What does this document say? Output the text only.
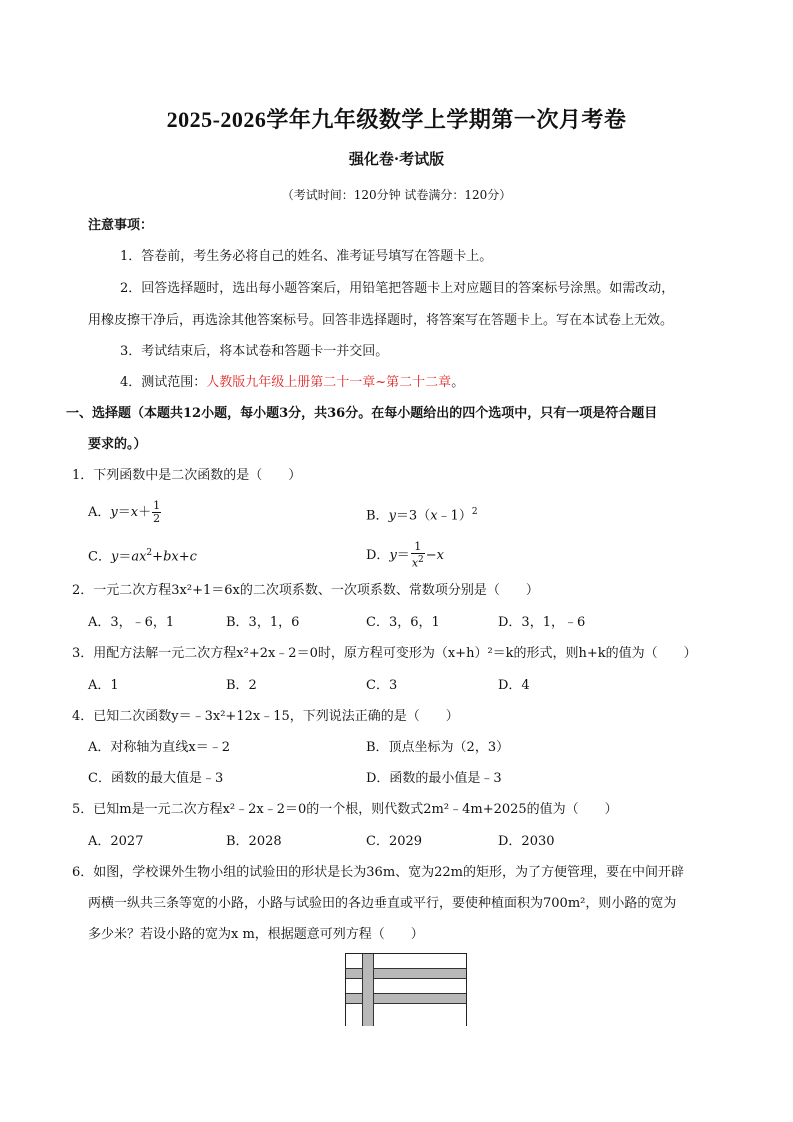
2025-2026学年九年级数学上学期第一次月考卷
强化卷·考试版
（考试时间：120分钟 试卷满分：120分）
注意事项：
1．答卷前，考生务必将自己的姓名、准考证号填写在答题卡上。
2．回答选择题时，选出每小题答案后，用铅笔把答题卡上对应题目的答案标号涂黑。如需改动，
用橡皮擦干净后，再选涂其他答案标号。回答非选择题时，将答案写在答题卡上。写在本试卷上无效。
3．考试结束后，将本试卷和答题卡一并交回。
4．测试范围：人教版九年级上册第二十一章~第二十二章。
一、选择题（本题共12小题，每小题3分，共36分。在每小题给出的四个选项中，只有一项是符合题目
要求的。）
1．下列函数中是二次函数的是（　　）
A．$y=x+ \frac{1}{2}$	B．y＝3（x﹣1）$^2$
C．$y=ax^2+bx+c$	D．$y= \frac{1}{x^2} -x$
2．一元二次方程3x²+1＝6x的二次项系数、一次项系数、常数项分别是（　　）
A．3，﹣6，1	B．3，1，6	C．3，6，1	D．3，1，﹣6
3．用配方法解一元二次方程x²+2x﹣2＝0时，原方程可变形为（x+h）²＝k的形式，则h+k的值为（　　）
A．1	B．2	C．3	D．4
4．已知二次函数y＝﹣3x²+12x﹣15，下列说法正确的是（　　）
A．对称轴为直线x＝﹣2	B．顶点坐标为（2，3）
C．函数的最大值是﹣3	D．函数的最小值是﹣3
5．已知m是一元二次方程x²﹣2x﹣2＝0的一个根，则代数式2m²﹣4m+2025的值为（　　）
A．2027	B．2028	C．2029	D．2030
6．如图，学校课外生物小组的试验田的形状是长为36m、宽为22m的矩形，为了方便管理，要在中间开辟
两横一纵共三条等宽的小路，小路与试验田的各边垂直或平行，要使种植面积为700m²，则小路的宽为
多少米？若设小路的宽为x m，根据题意可列方程（　　）
